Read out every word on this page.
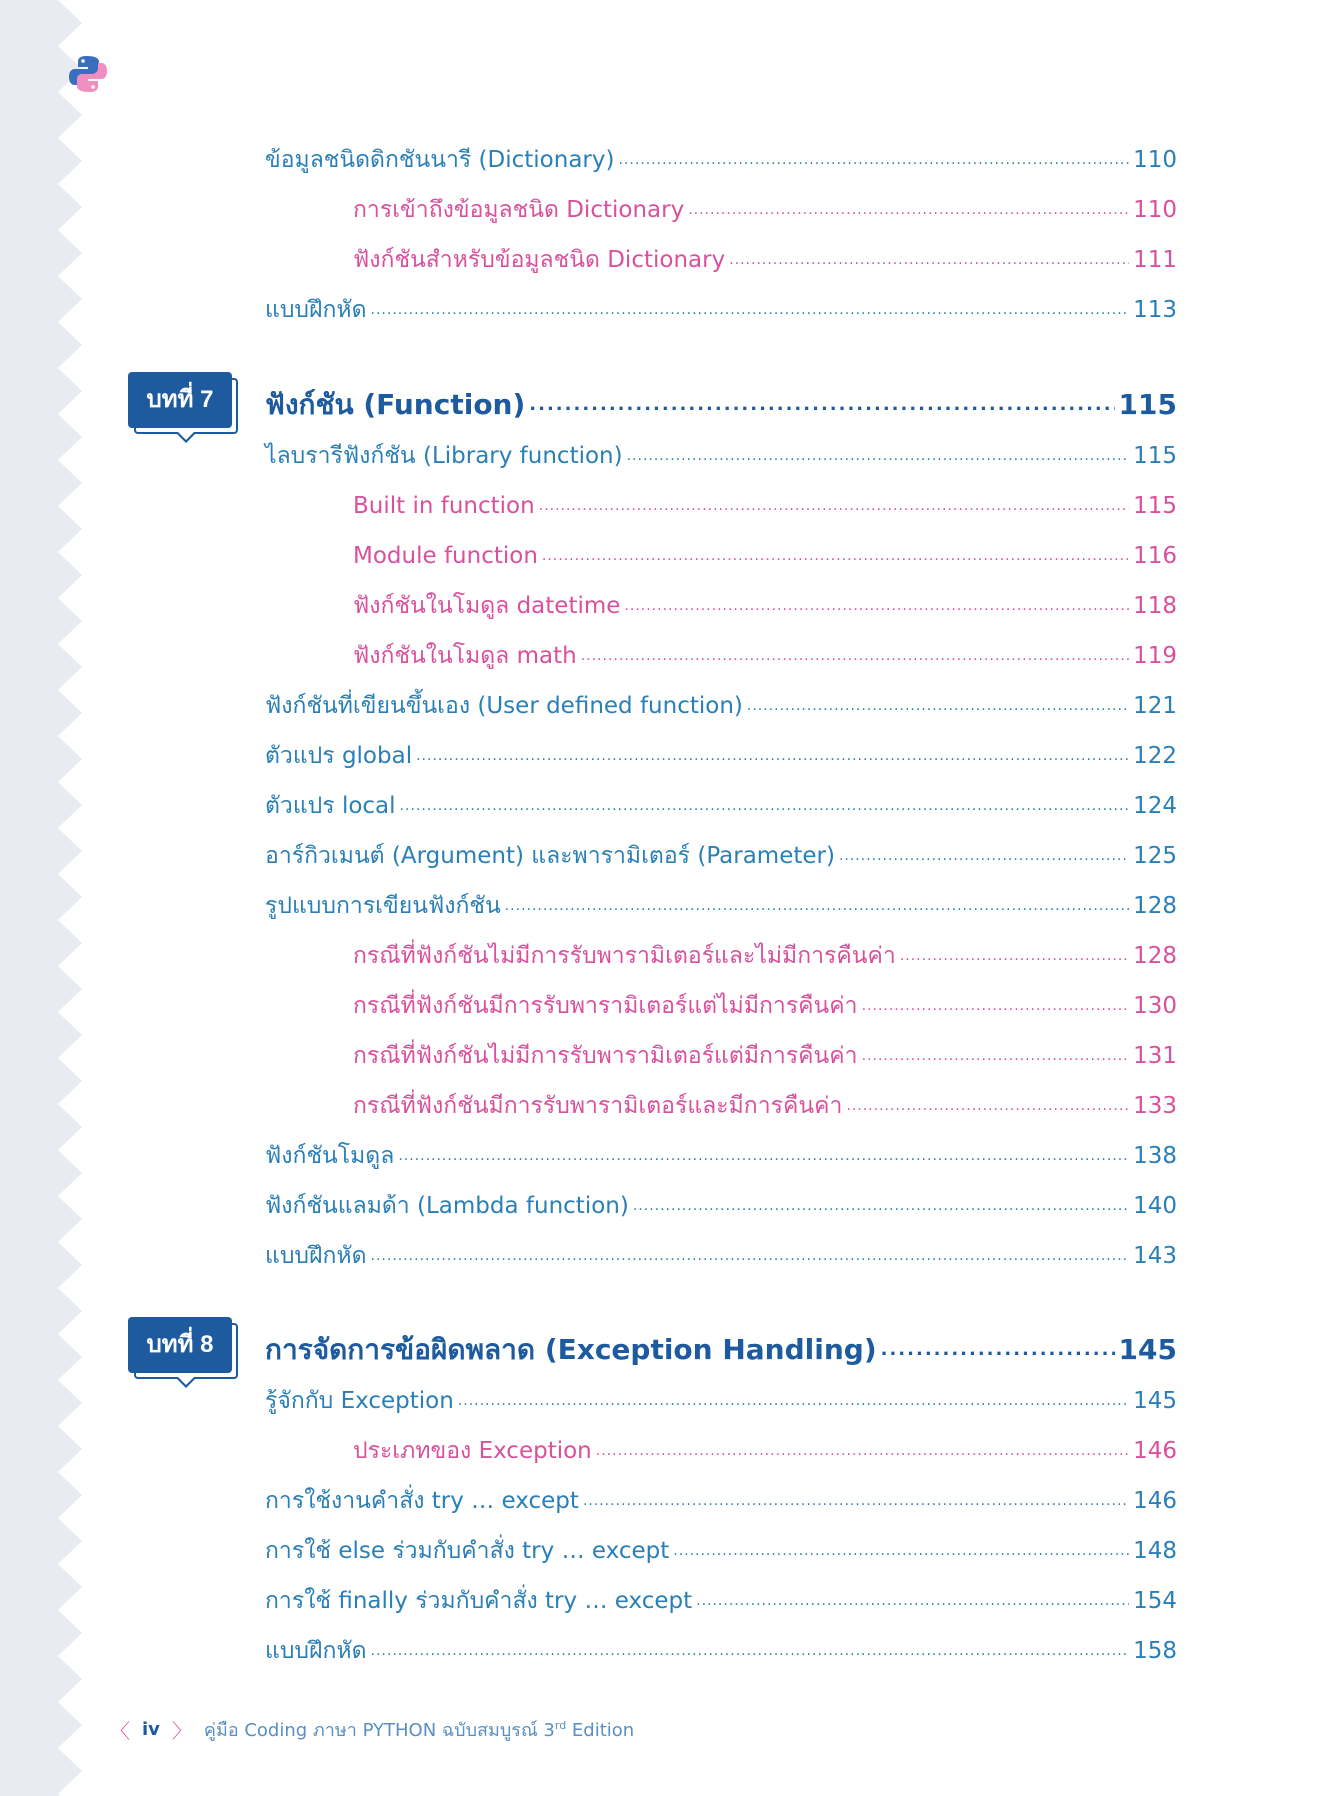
ข้อมูลชนิดดิกชันนารี (Dictionary) .....	110
การเข้าถึงข้อมูลชนิด Dictionary .....	110
ฟังก์ชันสำหรับข้อมูลชนิด Dictionary .....	111
แบบฝึกหัด .....	113
บทที่ 7	ฟังก์ชัน (Function) .....	115
ไลบรารีฟังก์ชัน (Library function) .....	115
Built in function .....	115
Module function .....	116
ฟังก์ชันในโมดูล datetime .....	118
ฟังก์ชันในโมดูล math .....	119
ฟังก์ชันที่เขียนขึ้นเอง (User defined function) .....	121
ตัวแปร global .....	122
ตัวแปร local .....	124
อาร์กิวเมนต์ (Argument) และพารามิเตอร์ (Parameter) .....	125
รูปแบบการเขียนฟังก์ชัน .....	128
กรณีที่ฟังก์ชันไม่มีการรับพารามิเตอร์และไม่มีการคืนค่า .....	128
กรณีที่ฟังก์ชันมีการรับพารามิเตอร์แต่ไม่มีการคืนค่า .....	130
กรณีที่ฟังก์ชันไม่มีการรับพารามิเตอร์แต่มีการคืนค่า .....	131
กรณีที่ฟังก์ชันมีการรับพารามิเตอร์และมีการคืนค่า .....	133
ฟังก์ชันโมดูล .....	138
ฟังก์ชันแลมด้า (Lambda function) .....	140
แบบฝึกหัด .....	143
บทที่ 8	การจัดการข้อผิดพลาด (Exception Handling) .....	145
รู้จักกับ Exception .....	145
ประเภทของ Exception .....	146
การใช้งานคำสั่ง try … except .....	146
การใช้ else ร่วมกับคำสั่ง try … except .....	148
การใช้ finally ร่วมกับคำสั่ง try … except .....	154
แบบฝึกหัด .....	158
〈 iv 〉 คู่มือ Coding ภาษา PYTHON ฉบับสมบูรณ์ 3rd Edition
